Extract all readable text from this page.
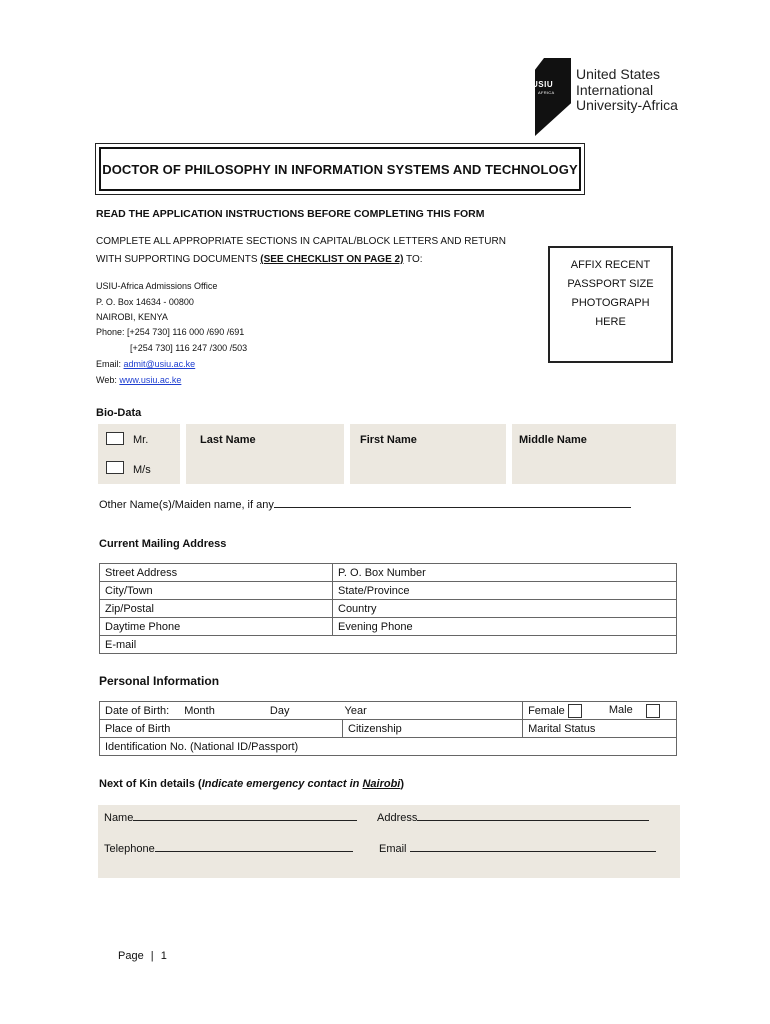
USIU
AFRICA
United States
International
University-Africa
DOCTOR OF PHILOSOPHY IN INFORMATION SYSTEMS AND TECHNOLOGY
READ THE APPLICATION INSTRUCTIONS BEFORE COMPLETING THIS FORM
COMPLETE ALL APPROPRIATE SECTIONS IN CAPITAL/BLOCK LETTERS AND RETURN
WITH SUPPORTING DOCUMENTS (SEE CHECKLIST ON PAGE 2) TO:
USIU-Africa Admissions Office
P. O. Box 14634 - 00800
NAIROBI, KENYA
Phone: [+254 730] 116 000 /690 /691
[+254 730] 116 247 /300 /503
Email: admit@usiu.ac.ke
Web: www.usiu.ac.ke
AFFIX RECENT
PASSPORT SIZE
PHOTOGRAPH
HERE
Bio-Data
Mr.
M/s
Last Name	First Name	Middle Name
Other Name(s)/Maiden name, if any
Current Mailing Address
Street Address	P. O. Box Number
City/Town	State/Province
Zip/Postal	Country
Daytime Phone	Evening Phone
E-mail	
Personal Information
Date of Birth: Month Day Year		Female Male
Place of Birth	Citizenship	Marital Status
Identification No. (National ID/Passport)		
Next of Kin details (Indicate emergency contact in Nairobi)
Name	Address
Telephone	Email
Page | 1
